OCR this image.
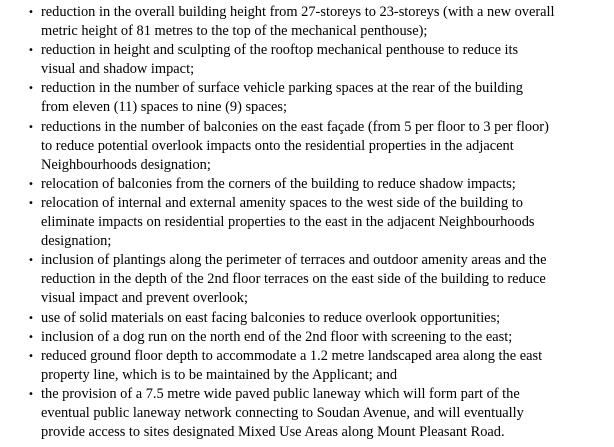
• reduction in the overall building height from 27-storeys to 23-storeys (with a new overall
metric height of 81 metres to the top of the mechanical penthouse);
• reduction in height and sculpting of the rooftop mechanical penthouse to reduce its
visual and shadow impact;
• reduction in the number of surface vehicle parking spaces at the rear of the building
from eleven (11) spaces to nine (9) spaces;
• reductions in the number of balconies on the east façade (from 5 per floor to 3 per floor)
to reduce potential overlook impacts onto the residential properties in the adjacent
Neighbourhoods designation;
• relocation of balconies from the corners of the building to reduce shadow impacts;
• relocation of internal and external amenity spaces to the west side of the building to
eliminate impacts on residential properties to the east in the adjacent Neighbourhoods
designation;
• inclusion of plantings along the perimeter of terraces and outdoor amenity areas and the
reduction in the depth of the 2nd floor terraces on the east side of the building to reduce
visual impact and prevent overlook;
• use of solid materials on east facing balconies to reduce overlook opportunities;
• inclusion of a dog run on the north end of the 2nd floor with screening to the east;
• reduced ground floor depth to accommodate a 1.2 metre landscaped area along the east
property line, which is to be maintained by the Applicant; and
• the provision of a 7.5 metre wide paved public laneway which will form part of the
eventual public laneway network connecting to Soudan Avenue, and will eventually
provide access to sites designated Mixed Use Areas along Mount Pleasant Road.
